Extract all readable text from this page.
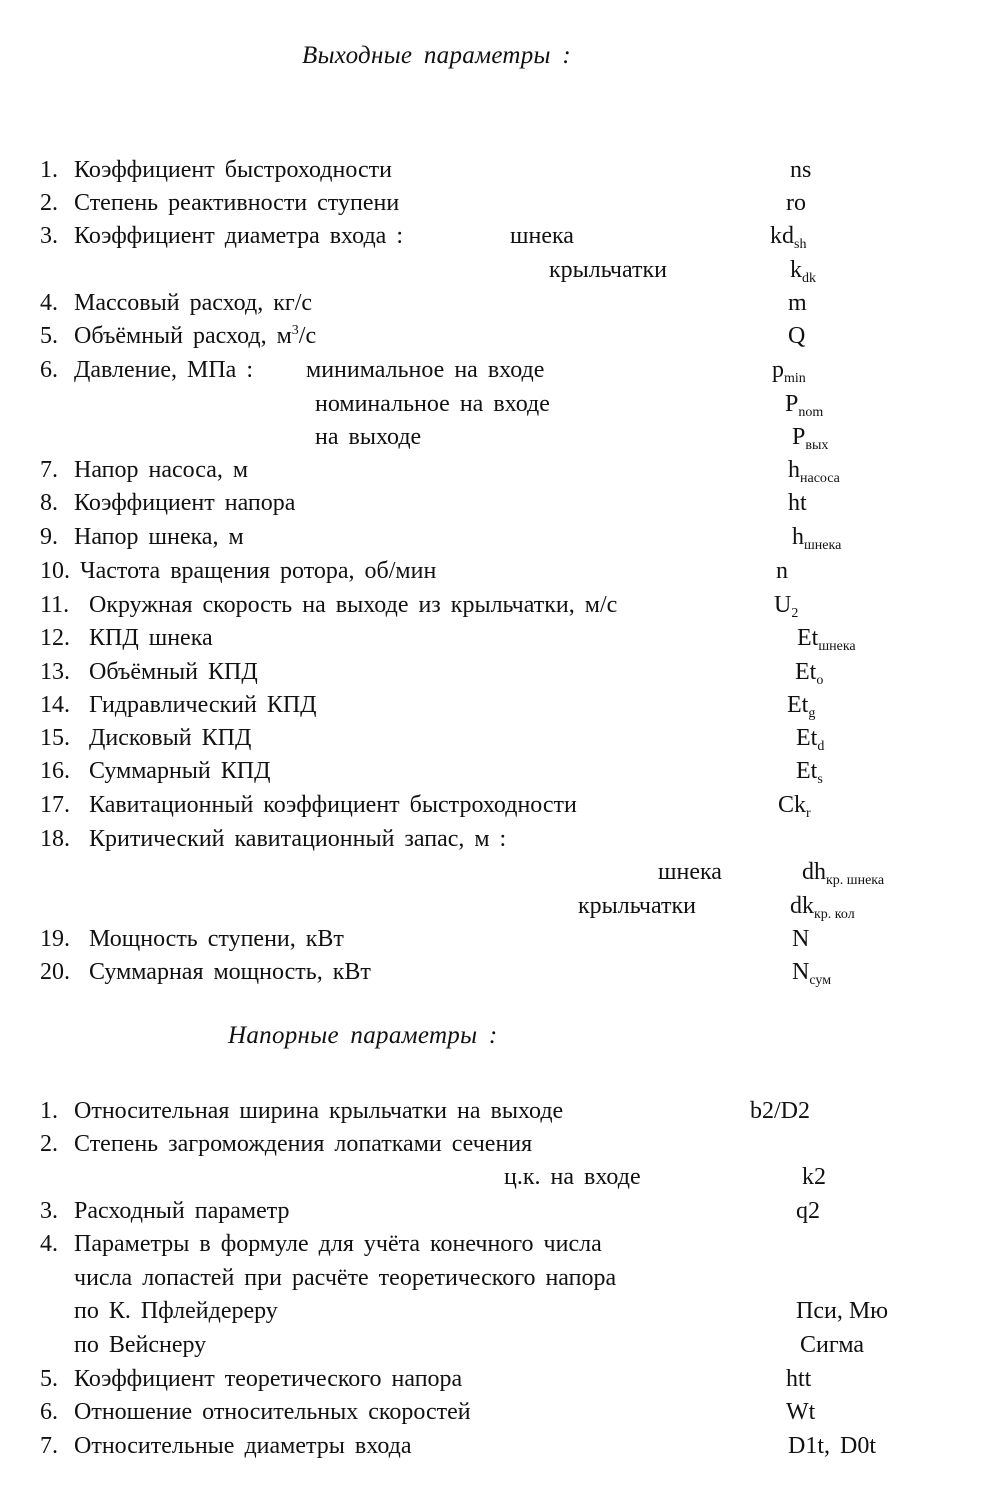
Выходные параметры :
1. Коэффициент быстроходности	ns
2. Степень реактивности ступени	ro
3. Коэффициент диаметра входа :	шнека	$kd_{sh}$
крыльчатки	$k_{dk}$
4. Массовый расход, кг/с	m
5. Объёмный расход, $м^3/с$	Q
6. Давление, МПа : минимальное на входе	$p_{min}$
номинальное на входе	$P_{nom}$
на выходе	$P_{вых}$
7. Напор насоса, м	$h_{насоса}$
8. Коэффициент напора	ht
9. Напор шнека, м	$h_{шнека}$
10. Частота вращения ротора, об/мин	n
11. Окружная скорость на выходе из крыльчатки, м/с	$U_2$
12. КПД шнека	$Et_{шнека}$
13. Объёмный КПД	$Et_o$
14. Гидравлический КПД	$Et_g$
15. Дисковый КПД	$Et_d$
16. Суммарный КПД	$Et_s$
17. Кавитационный коэффициент быстроходности	$Ck_r$
18. Критический кавитационный запас, м :
шнека	$dh_{кр. шнека}$
крыльчатки	$dk_{кр. кол}$
19. Мощность ступени, кВт	N
20. Суммарная мощность, кВт	$N_{сум}$
Напорные параметры :
1. Относительная ширина крыльчатки на выходе	b2/D2
2. Степень загромождения лопатками сечения
ц.к. на входе	k2
3. Расходный параметр	q2
4. Параметры в формуле для учёта конечного числа
числа лопастей при расчёте теоретического напора
по К. Пфлейдереру	Пси, Мю
по Вейснеру	Сигма
5. Коэффициент теоретического напора	htt
6. Отношение относительных скоростей	Wt
7. Относительные диаметры входа	D1t, D0t
